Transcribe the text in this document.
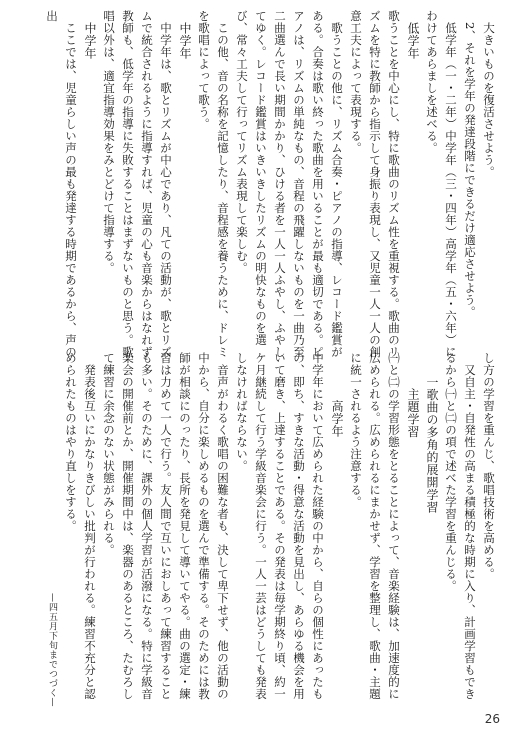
大きいものを復活させよう。
2、それを学年の発達段階にできるだけ適応させよう。
低学年（一・二年）中学年（三・四年）高学年（五・六年）にわけてあらましを述べる。
低学年
歌うことを中心にし、特に歌曲のリズム性を重視する。歌曲のリズムを特に教師から指示して身振り表現し、又児童一人一人の創意工夫によって表現する。
歌うことの他に、リズム合奏・ピアノの指導、レコード鑑賞がある。合奏は歌い終った歌曲を用いることが最も適切である。ピアノは、リズムの単純なもの、音程の飛躍しないものを一曲乃至二曲選んで長い期間かかり、ひける者を一人一人ふやし、ふやしてゆく。レコード鑑賞はいきいきしたリズムの明快なものを選び、常々工夫して行ってリズム表現して楽しむ。
この他、音の名称を記憶したり、音程感を養うために、ドレミを歌唱によって歌う。
中学年
中学年は、歌とリズムが中心であり、凡ての活動が、歌とリズムで統合されるように指導すれば、児童の心も音楽からはなれず教師も、低学年の指導に失敗することはまずないものと思う。歌唱以外は、適宜指導効果をみとどけて指導する。
中学年
ここでは、児童らしい声の最も発達する時期であるから、声の出
し方の学習を重んじ、歌唱技術を高める。
又自主・自発性の高まる積極的な時期に入り、計画学習もできるから㈠と㈡の項で述べた学習を重んじる。
一歌曲の多角的展開学習
主題学習
㈠と㈡の学習形態をとることによって、音楽経験は、加速度的に広められる。広められるにまかせず、学習を整理し、歌曲・主題に統一されるよう注意する。
高学年
中学年において広められた経験の中から、自らの個性にあったもの、即ち、すきな活動・得意な活動を見出し、あらゆる機会を用いて磨き、上達することである。その発表は毎学期終り頃、約一ケ月継続して行う学級音楽会に行う。一人一芸はどうしても発表しなければならない。
音声がわるく歌唱の困難な者も、決して卑下せず、他の活動の中から、自分に楽しめるものを選んで準備する。そのためには教師が相談にのったり、長所を発見して導いてやる。曲の選定・練習は力めて一人で行う。友人間で互いにおしあって練習することも多い。そのために、課外の個人学習が活潑になる。特に学級音楽会の開催前とか、開催期間中は、楽器のあるところ、たむろして練習に余念のない状態がみられる。
発表後互いにかなりきびしい批判が行われる。練習不充分と認められたものはやり直しをする。
—四五月下旬までつづく—
26
